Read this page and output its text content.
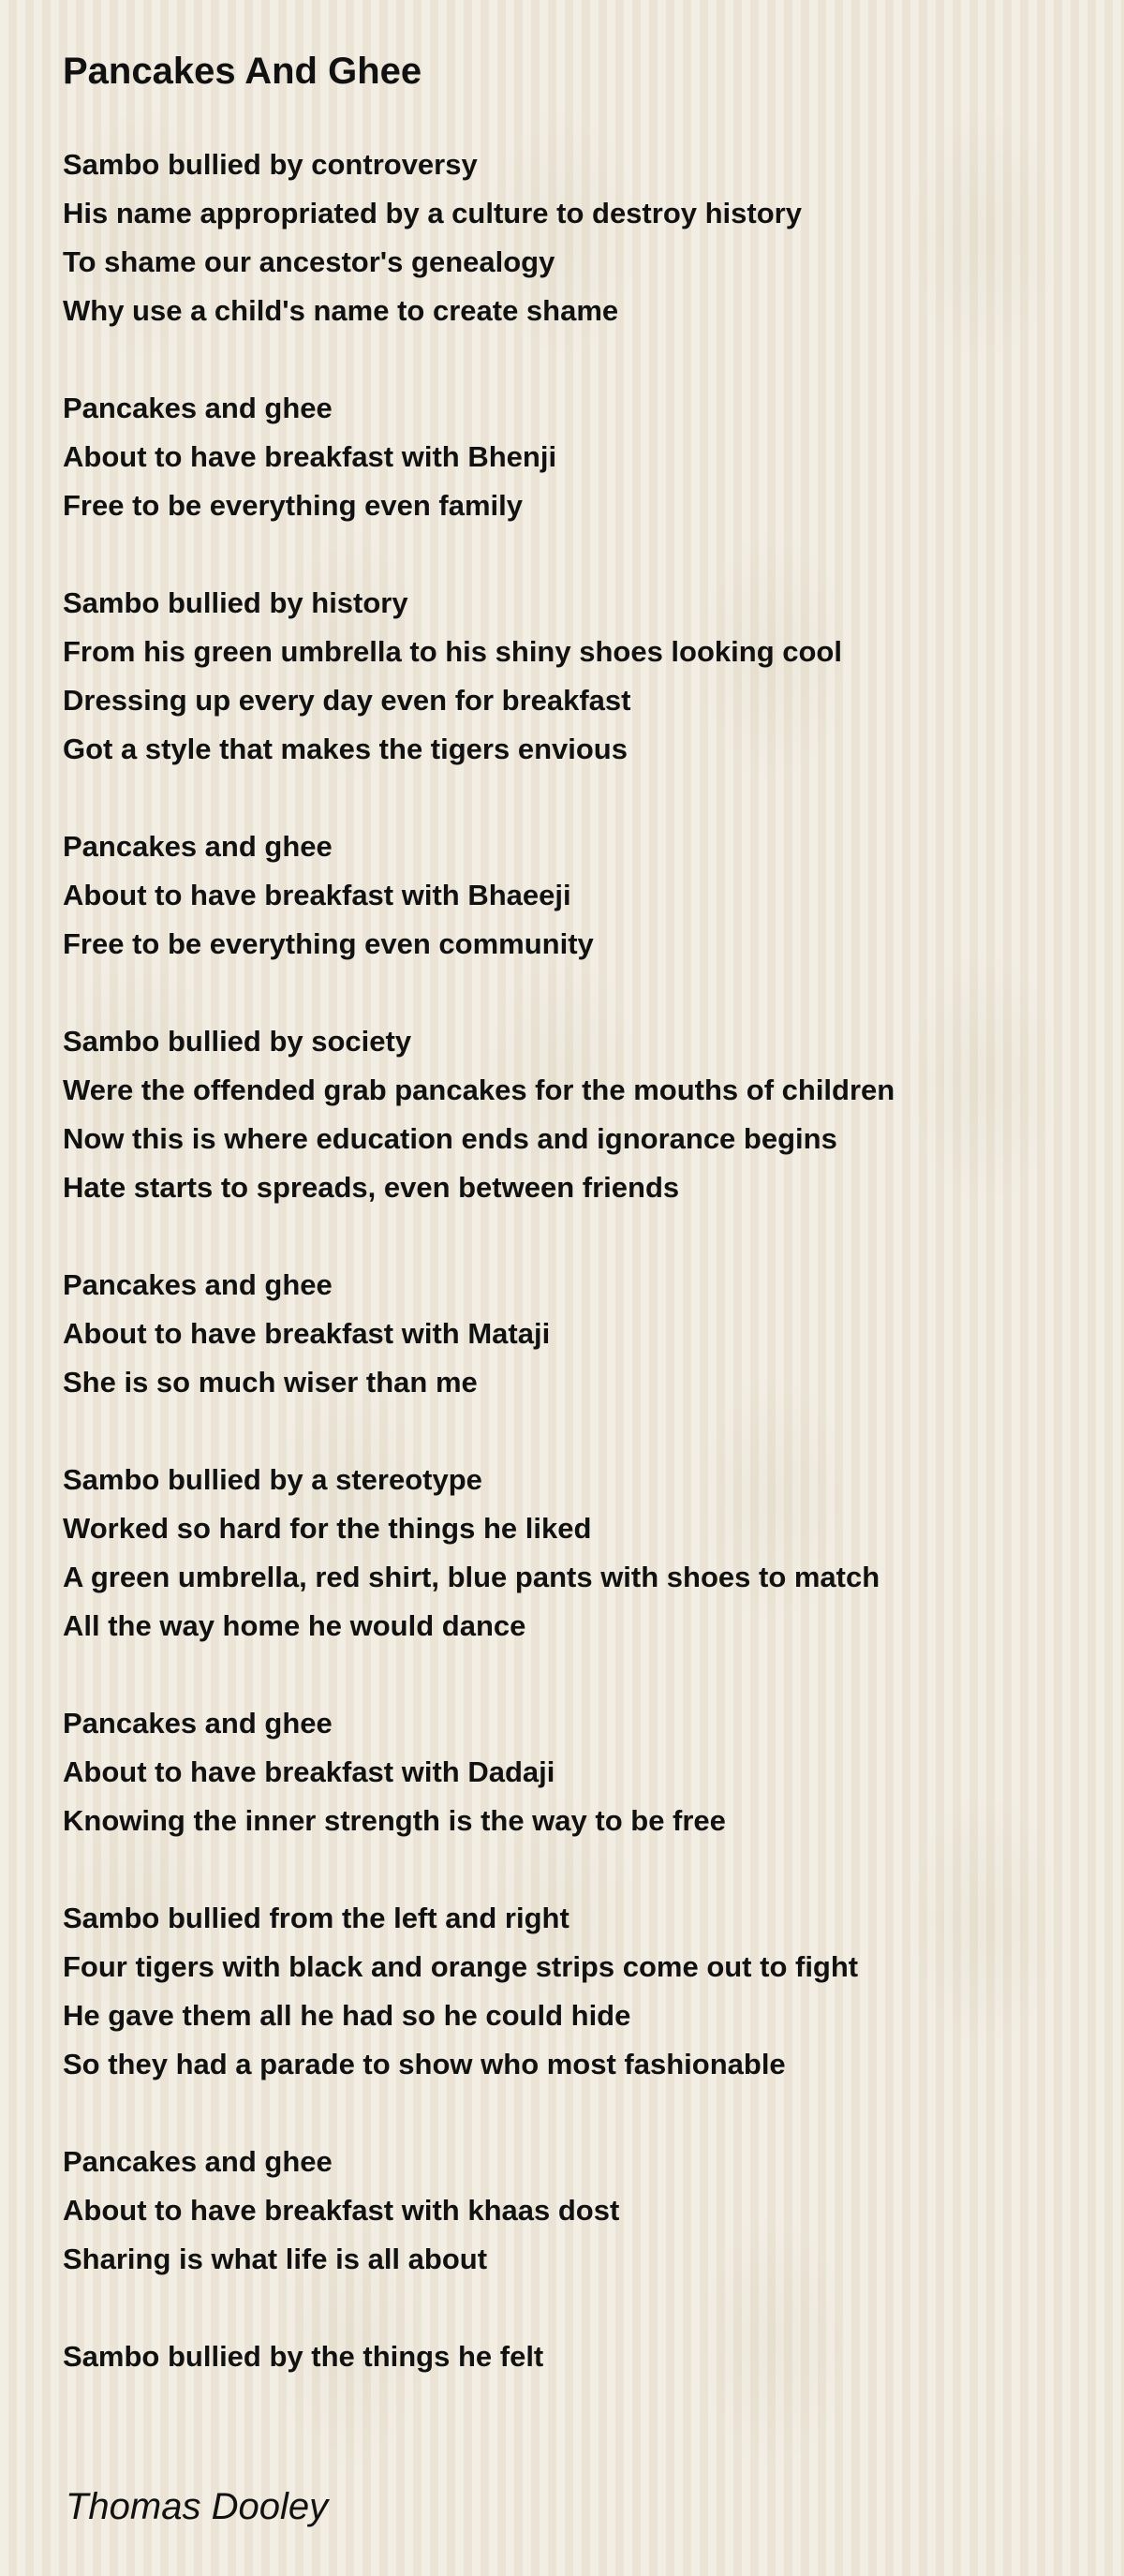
Pancakes And Ghee
Sambo bullied by controversy
His name appropriated by a culture to destroy history
To shame our ancestor's genealogy
Why use a child's name to create shame
Pancakes and ghee
About to have breakfast with Bhenji
Free to be everything even family
Sambo bullied by history
From his green umbrella to his shiny shoes looking cool
Dressing up every day even for breakfast
Got a style that makes the tigers envious
Pancakes and ghee
About to have breakfast with Bhaeeji
Free to be everything even community
Sambo bullied by society
Were the offended grab pancakes for the mouths of children
Now this is where education ends and ignorance begins
Hate starts to spreads, even between friends
Pancakes and ghee
About to have breakfast with Mataji
She is so much wiser than me
Sambo bullied by a stereotype
Worked so hard for the things he liked
A green umbrella, red shirt, blue pants with shoes to match
All the way home he would dance
Pancakes and ghee
About to have breakfast with Dadaji
Knowing the inner strength is the way to be free
Sambo bullied from the left and right
Four tigers with black and orange strips come out to fight
He gave them all he had so he could hide
So they had a parade to show who most fashionable
Pancakes and ghee
About to have breakfast with khaas dost
Sharing is what life is all about
Sambo bullied by the things he felt
Thomas Dooley
